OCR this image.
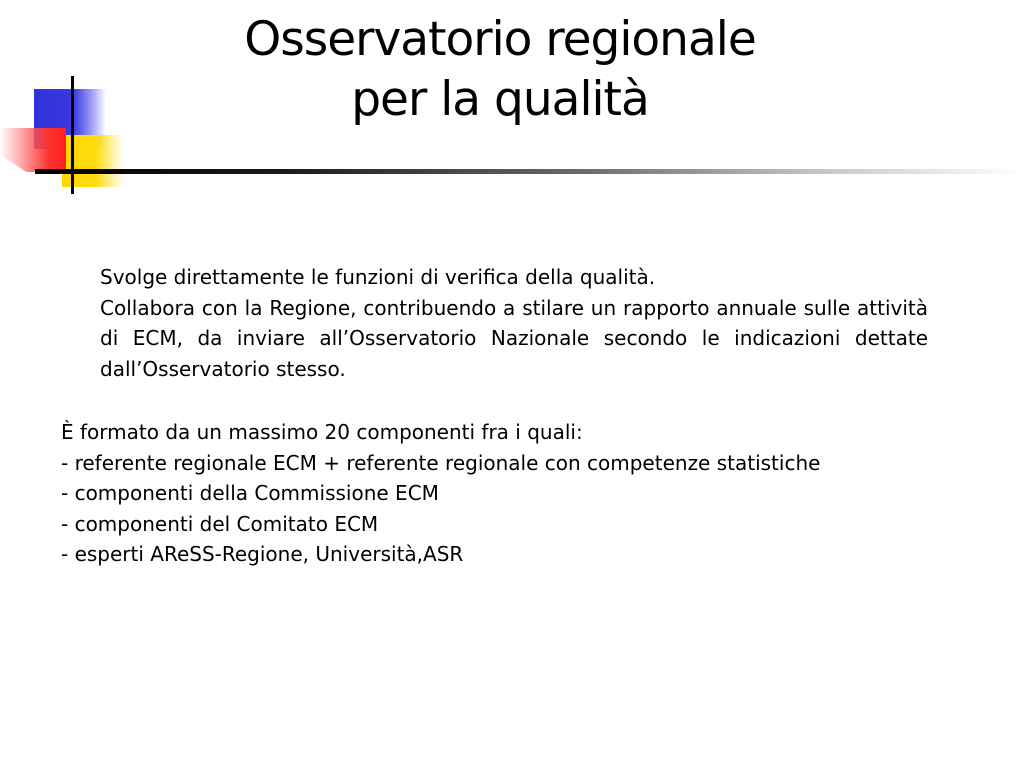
Osservatorio regionale
per la qualità

Svolge direttamente le funzioni di verifica della qualità.

Collabora con la Regione, contribuendo a stilare un rapporto annuale sulle attività di ECM, da inviare all’Osservatorio Nazionale secondo le indicazioni dettate dall’Osservatorio stesso.

È formato da un massimo 20 componenti fra i quali:

- referente regionale ECM + referente regionale con competenze statistiche

- componenti della Commissione ECM

- componenti del Comitato ECM

- esperti AReSS-Regione, Università,ASR
